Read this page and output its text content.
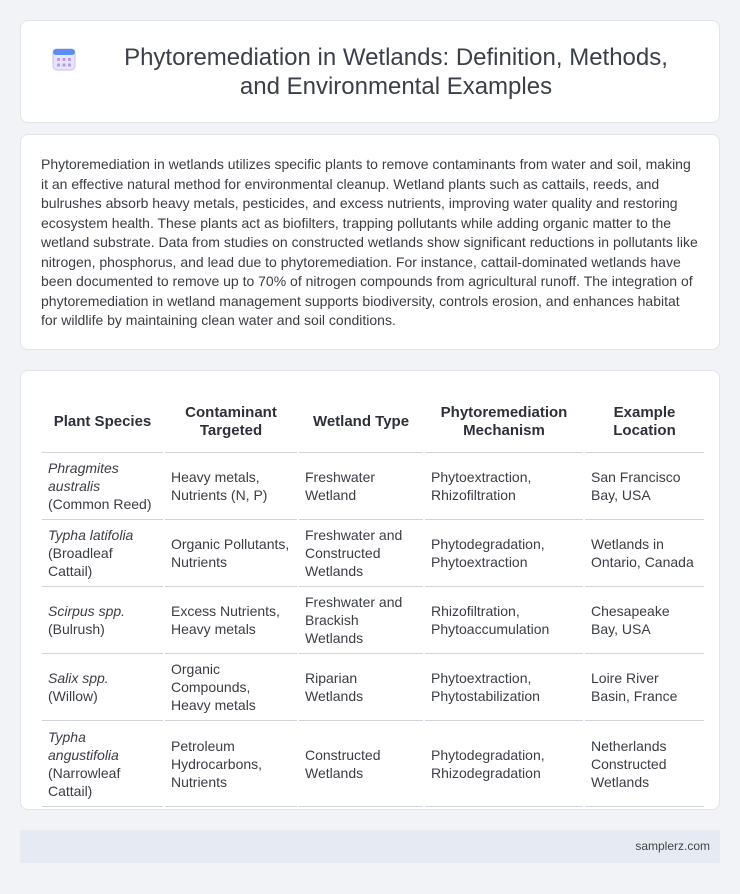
Phytoremediation in Wetlands: Definition, Methods, and Environmental Examples

Phytoremediation in wetlands utilizes specific plants to remove contaminants from water and soil, making it an effective natural method for environmental cleanup. Wetland plants such as cattails, reeds, and bulrushes absorb heavy metals, pesticides, and excess nutrients, improving water quality and restoring ecosystem health. These plants act as biofilters, trapping pollutants while adding organic matter to the wetland substrate. Data from studies on constructed wetlands show significant reductions in pollutants like nitrogen, phosphorus, and lead due to phytoremediation. For instance, cattail-dominated wetlands have been documented to remove up to 70% of nitrogen compounds from agricultural runoff. The integration of phytoremediation in wetland management supports biodiversity, controls erosion, and enhances habitat for wildlife by maintaining clean water and soil conditions.

Plant Species	Contaminant Targeted	Wetland Type	Phytoremediation Mechanism	Example Location
Phragmites australis (Common Reed)	Heavy metals, Nutrients (N, P)	Freshwater Wetland	Phytoextraction, Rhizofiltration	San Francisco Bay, USA
Typha latifolia (Broadleaf Cattail)	Organic Pollutants, Nutrients	Freshwater and Constructed Wetlands	Phytodegradation, Phytoextraction	Wetlands in Ontario, Canada
Scirpus spp. (Bulrush)	Excess Nutrients, Heavy metals	Freshwater and Brackish Wetlands	Rhizofiltration, Phytoaccumulation	Chesapeake Bay, USA
Salix spp. (Willow)	Organic Compounds, Heavy metals	Riparian Wetlands	Phytoextraction, Phytostabilization	Loire River Basin, France
Typha angustifolia (Narrowleaf Cattail)	Petroleum Hydrocarbons, Nutrients	Constructed Wetlands	Phytodegradation, Rhizodegradation	Netherlands Constructed Wetlands
samplerz.com
